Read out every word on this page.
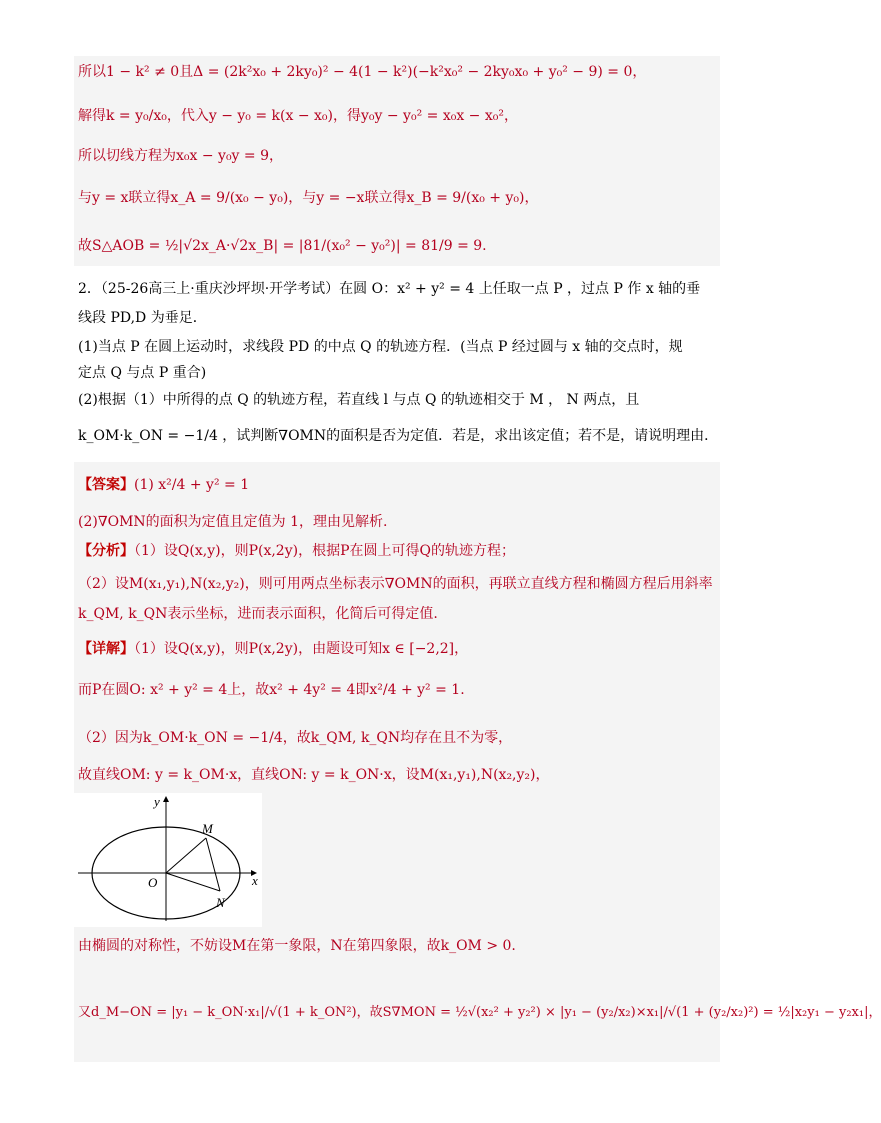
所以1 − k² ≠ 0且Δ = (2k²x₀ + 2ky₀)² − 4(1 − k²)(−k²x₀² − 2ky₀x₀ + y₀² − 9) = 0，
解得k = y₀/x₀，代入y − y₀ = k(x − x₀)，得y₀y − y₀² = x₀x − x₀²，
所以切线方程为x₀x − y₀y = 9，
与y = x联立得x_A = 9/(x₀ − y₀)，与y = −x联立得x_B = 9/(x₀ + y₀)，
故S△AOB = ½|√2x_A·√2x_B| = |81/(x₀² − y₀²)| = 81/9 = 9.
2．（25-26高三上·重庆沙坪坝·开学考试）在圆 O：x² + y² = 4 上任取一点 P ，过点 P 作 x 轴的垂
线段 PD,D 为垂足．
(1)当点 P 在圆上运动时，求线段 PD 的中点 Q 的轨迹方程．(当点 P 经过圆与 x 轴的交点时，规
定点 Q 与点 P 重合)
(2)根据（1）中所得的点 Q 的轨迹方程，若直线 l 与点 Q 的轨迹相交于 M ， N 两点，且
k_OM·k_ON = −1/4 ，试判断∇OMN的面积是否为定值．若是，求出该定值；若不是，请说明理由．
【答案】(1) x²/4 + y² = 1
(2)∇OMN的面积为定值且定值为 1，理由见解析.
【分析】（1）设Q(x,y)，则P(x,2y)，根据P在圆上可得Q的轨迹方程；
（2）设M(x₁,y₁),N(x₂,y₂)，则可用两点坐标表示∇OMN的面积，再联立直线方程和椭圆方程后用斜率
k_QM, k_QN表示坐标，进而表示面积，化简后可得定值.
【详解】（1）设Q(x,y)，则P(x,2y)，由题设可知x ∈ [−2,2]，
而P在圆O: x² + y² = 4上，故x² + 4y² = 4即x²/4 + y² = 1.
（2）因为k_OM·k_ON = −1/4，故k_QM, k_QN均存在且不为零，
故直线OM: y = k_OM·x，直线ON: y = k_ON·x，设M(x₁,y₁),N(x₂,y₂)，
y
x
O
M
N
由椭圆的对称性，不妨设M在第一象限，N在第四象限，故k_OM > 0.
又d_M−ON = |y₁ − k_ON·x₁|/√(1 + k_ON²)，故S∇MON = ½√(x₂² + y₂²) × |y₁ − (y₂/x₂)×x₁|/√(1 + (y₂/x₂)²) = ½|x₂y₁ − y₂x₁|，
